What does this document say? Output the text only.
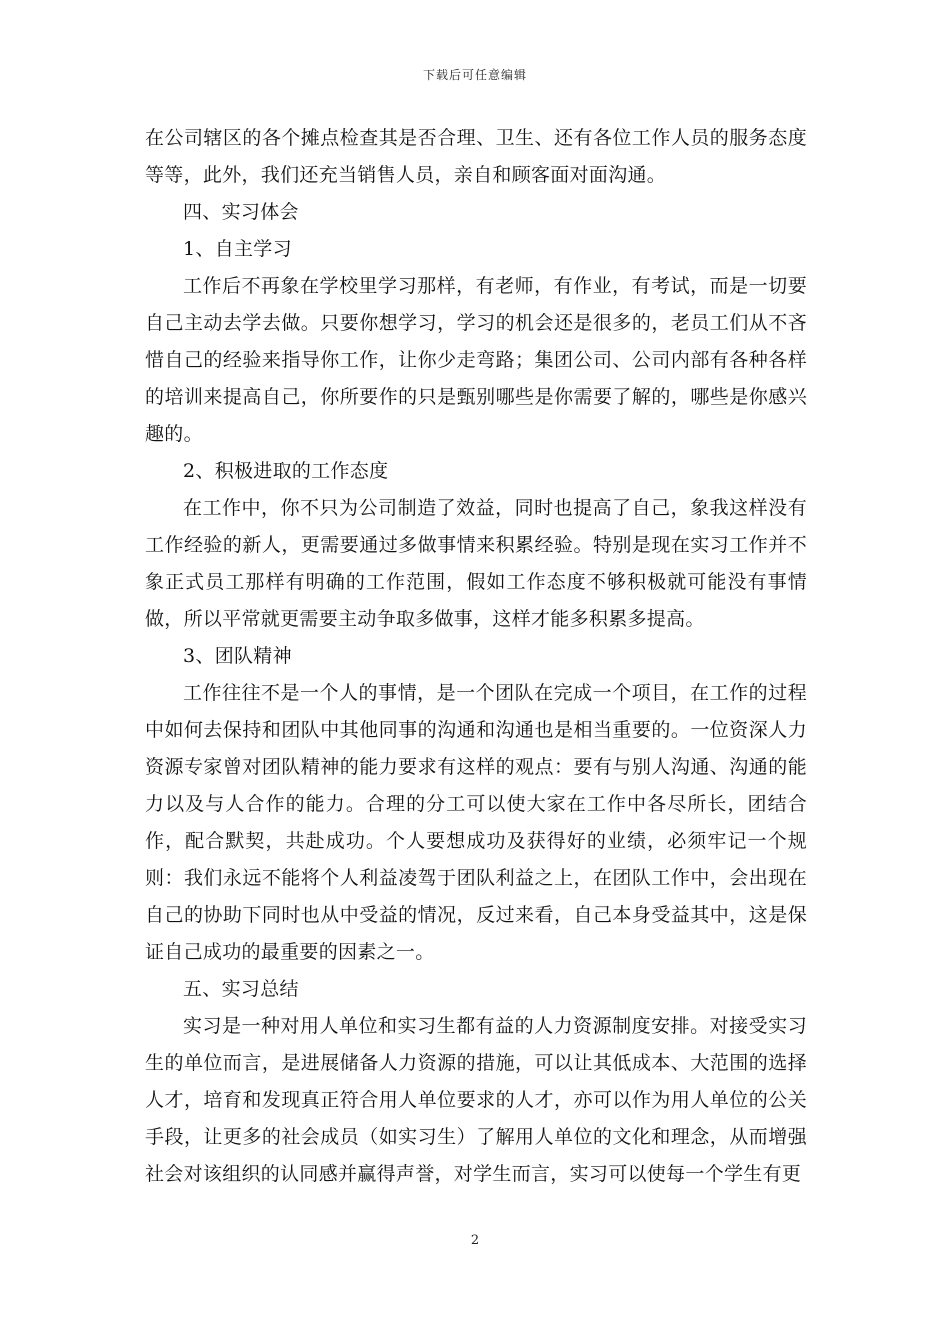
下载后可任意编辑

在公司辖区的各个摊点检查其是否合理、卫生、还有各位工作人员的服务态度等等，此外，我们还充当销售人员，亲自和顾客面对面沟通。

四、实习体会

1、自主学习

工作后不再象在学校里学习那样，有老师，有作业，有考试，而是一切要自己主动去学去做。只要你想学习，学习的机会还是很多的，老员工们从不吝惜自己的经验来指导你工作，让你少走弯路；集团公司、公司内部有各种各样的培训来提高自己，你所要作的只是甄别哪些是你需要了解的，哪些是你感兴趣的。

2、积极进取的工作态度

在工作中，你不只为公司制造了效益，同时也提高了自己，象我这样没有工作经验的新人，更需要通过多做事情来积累经验。特别是现在实习工作并不象正式员工那样有明确的工作范围，假如工作态度不够积极就可能没有事情做，所以平常就更需要主动争取多做事，这样才能多积累多提高。

3、团队精神

工作往往不是一个人的事情，是一个团队在完成一个项目，在工作的过程中如何去保持和团队中其他同事的沟通和沟通也是相当重要的。一位资深人力资源专家曾对团队精神的能力要求有这样的观点：要有与别人沟通、沟通的能力以及与人合作的能力。合理的分工可以使大家在工作中各尽所长，团结合作，配合默契，共赴成功。个人要想成功及获得好的业绩，必须牢记一个规则：我们永远不能将个人利益凌驾于团队利益之上，在团队工作中，会出现在自己的协助下同时也从中受益的情况，反过来看，自己本身受益其中，这是保证自己成功的最重要的因素之一。

五、实习总结

实习是一种对用人单位和实习生都有益的人力资源制度安排。对接受实习生的单位而言，是进展储备人力资源的措施，可以让其低成本、大范围的选择人才，培育和发现真正符合用人单位要求的人才，亦可以作为用人单位的公关手段，让更多的社会成员（如实习生）了解用人单位的文化和理念，从而增强社会对该组织的认同感并赢得声誉，对学生而言，实习可以使每一个学生有更

2
